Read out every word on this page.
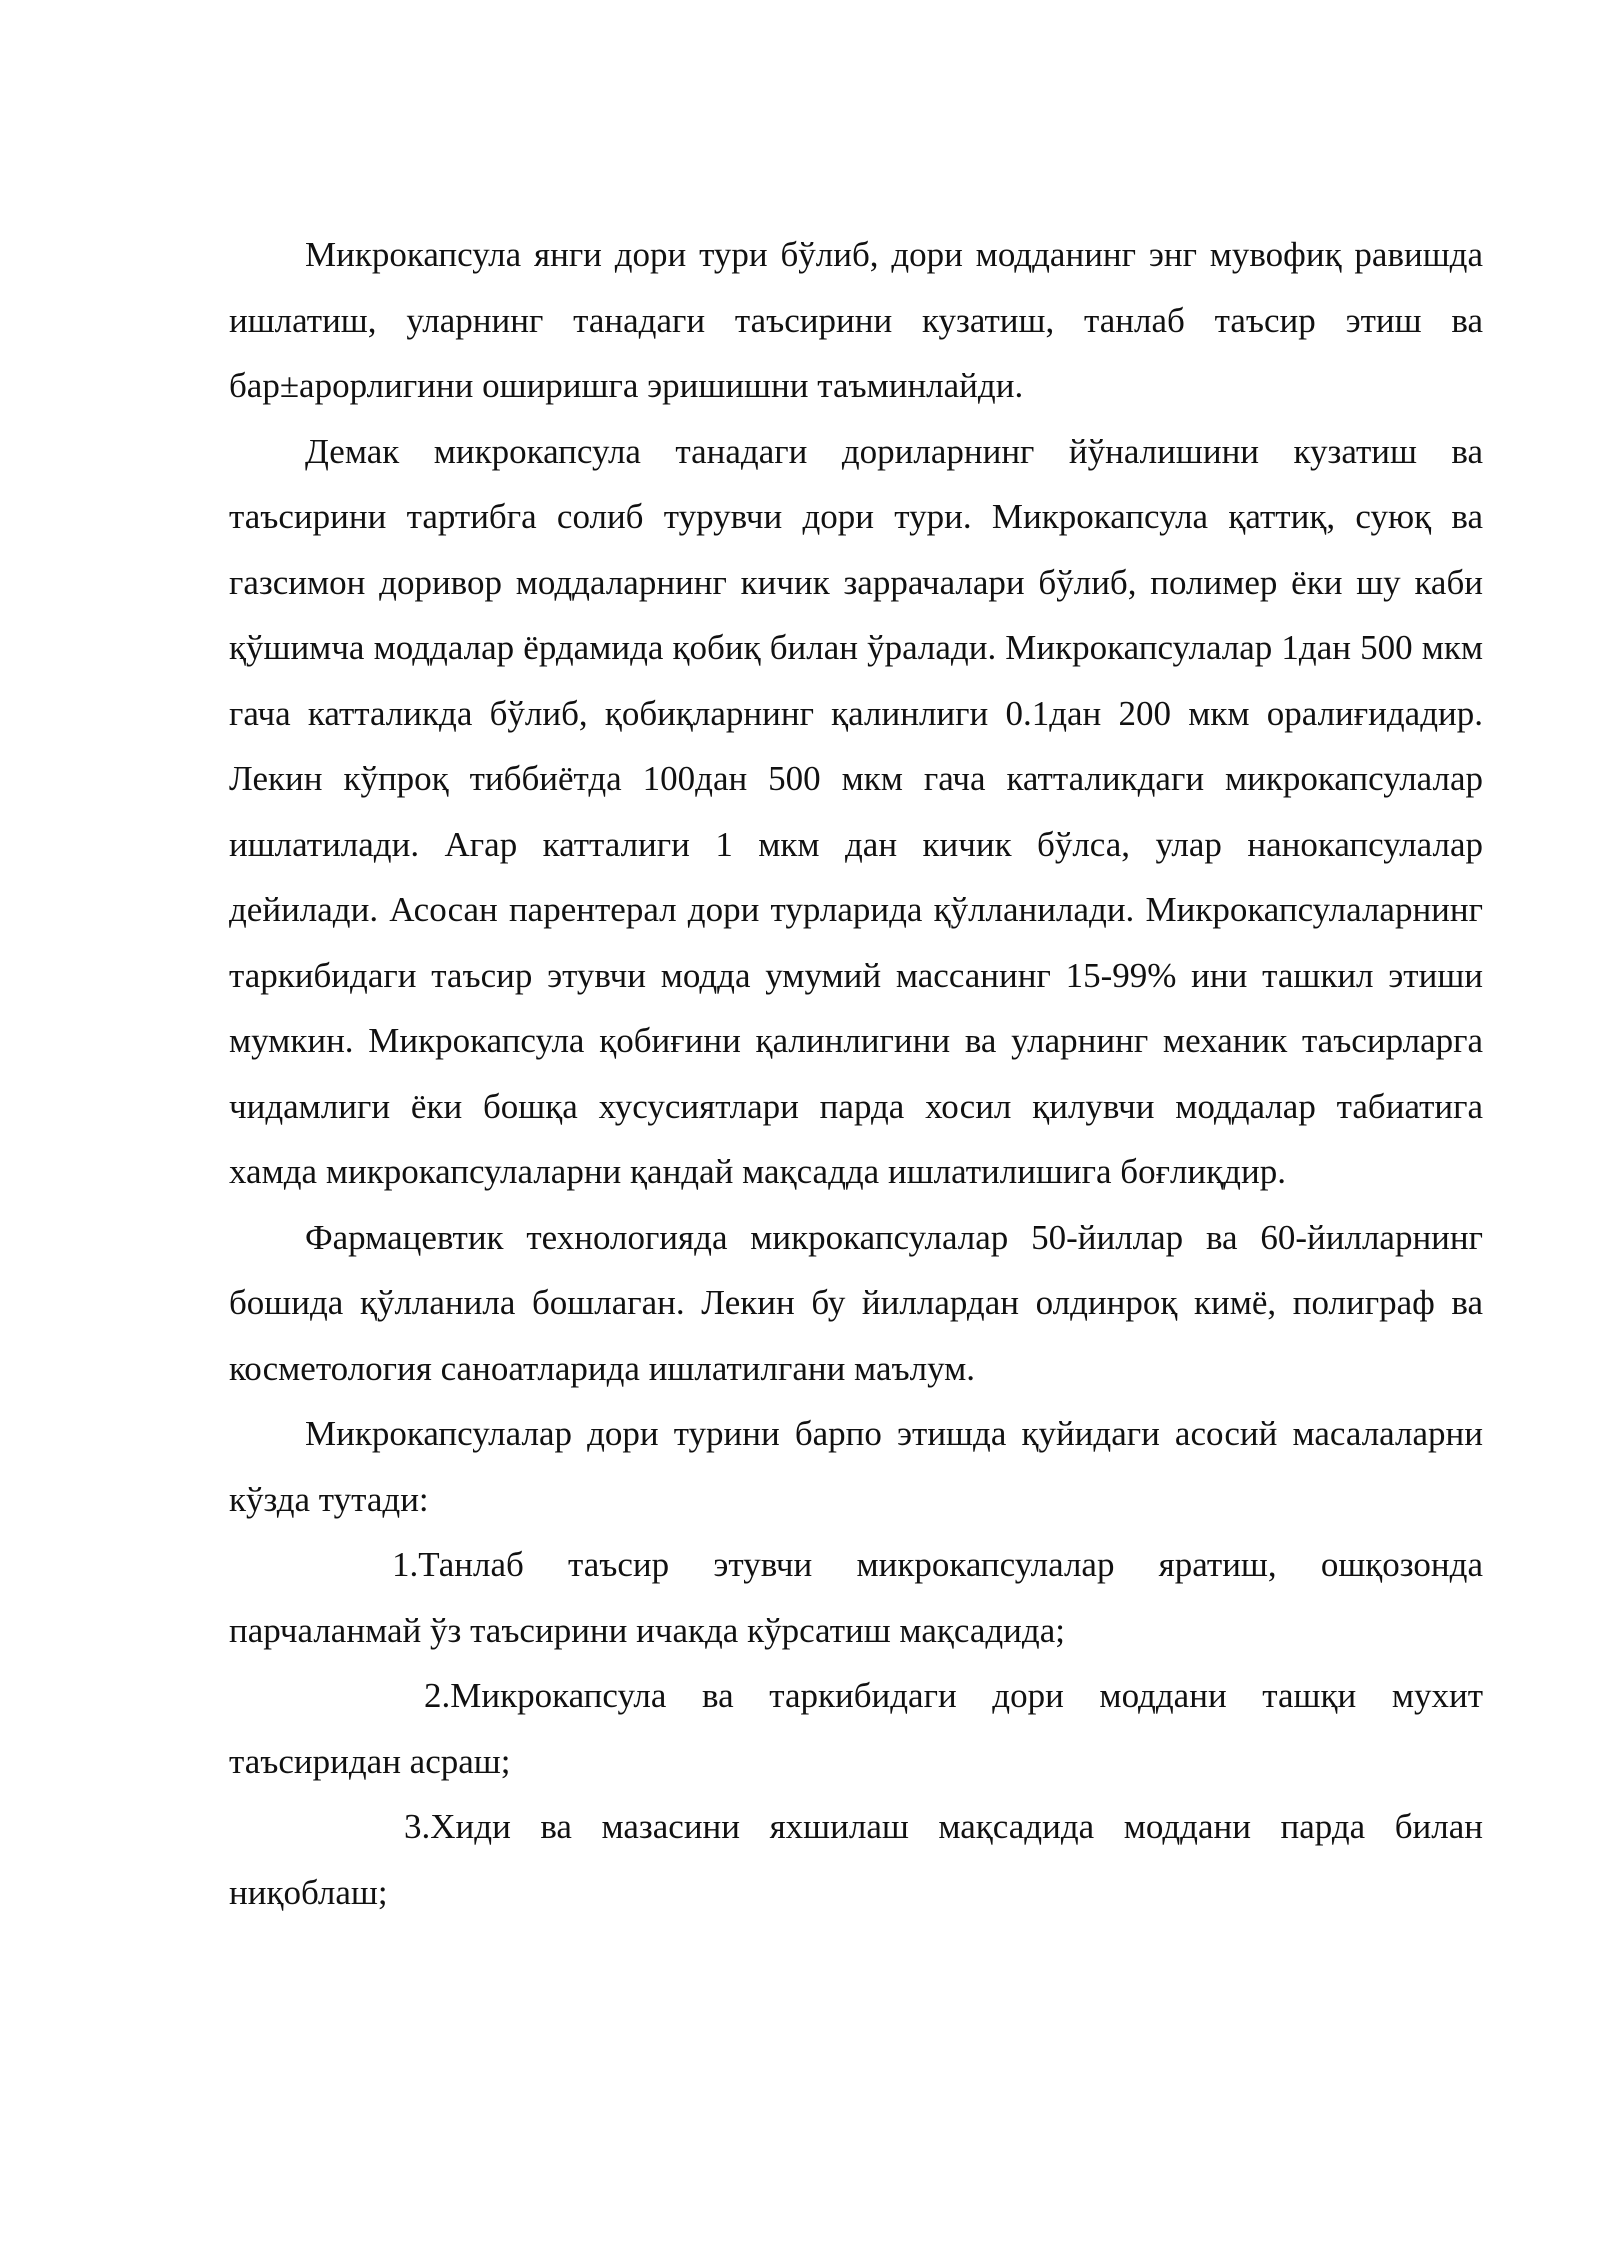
Микрокапсула янги дори тури бўлиб, дори модданинг энг мувофиқ равишда ишлатиш, уларнинг танадаги таъсирини кузатиш, танлаб таъсир этиш ва бар±арорлигини оширишга эришишни таъминлайди.

Демак микрокапсула танадаги дориларнинг йўналишини кузатиш ва таъсирини тартибга солиб турувчи дори тури. Микрокапсула қаттиқ, суюқ ва газсимон доривор моддаларнинг кичик заррачалари бўлиб, полимер ёки шу каби қўшимча моддалар ёрдамида қобиқ билан ўралади. Микрокапсулалар 1дан 500 мкм гача катталикда бўлиб, қобиқларнинг қалинлиги 0.1дан 200 мкм оралиғидадир. Лекин кўпроқ тиббиётда 100дан 500 мкм гача катталикдаги микрокапсулалар ишлатилади. Агар катталиги 1 мкм дан кичик бўлса, улар нанокапсулалар дейилади. Асосан парентерал дори турларида қўлланилади. Микрокапсулаларнинг таркибидаги таъсир этувчи модда умумий массанинг 15-99% ини ташкил этиши мумкин. Микрокапсула қобиғини қалинлигини ва уларнинг механик таъсирларга чидамлиги ёки бошқа хусусиятлари парда хосил қилувчи моддалар табиатига хамда микрокапсулаларни қандай мақсадда ишлатилишига боғлиқдир.

Фармацевтик технологияда микрокапсулалар 50-йиллар ва 60-йилларнинг бошида қўлланила бошлаган. Лекин бу йиллардан олдинроқ кимё, полиграф ва косметология саноатларида ишлатилгани маълум.

Микрокапсулалар дори турини барпо этишда қуйидаги асосий масалаларни кўзда тутади:

1.Танлаб таъсир этувчи микрокапсулалар яратиш, ошқозонда парчаланмай ўз таъсирини ичакда кўрсатиш мақсадида;

2.Микрокапсула ва таркибидаги дори моддани ташқи мухит таъсиридан асраш;

3.Хиди ва мазасини яхшилаш мақсадида моддани парда билан ниқоблаш;
